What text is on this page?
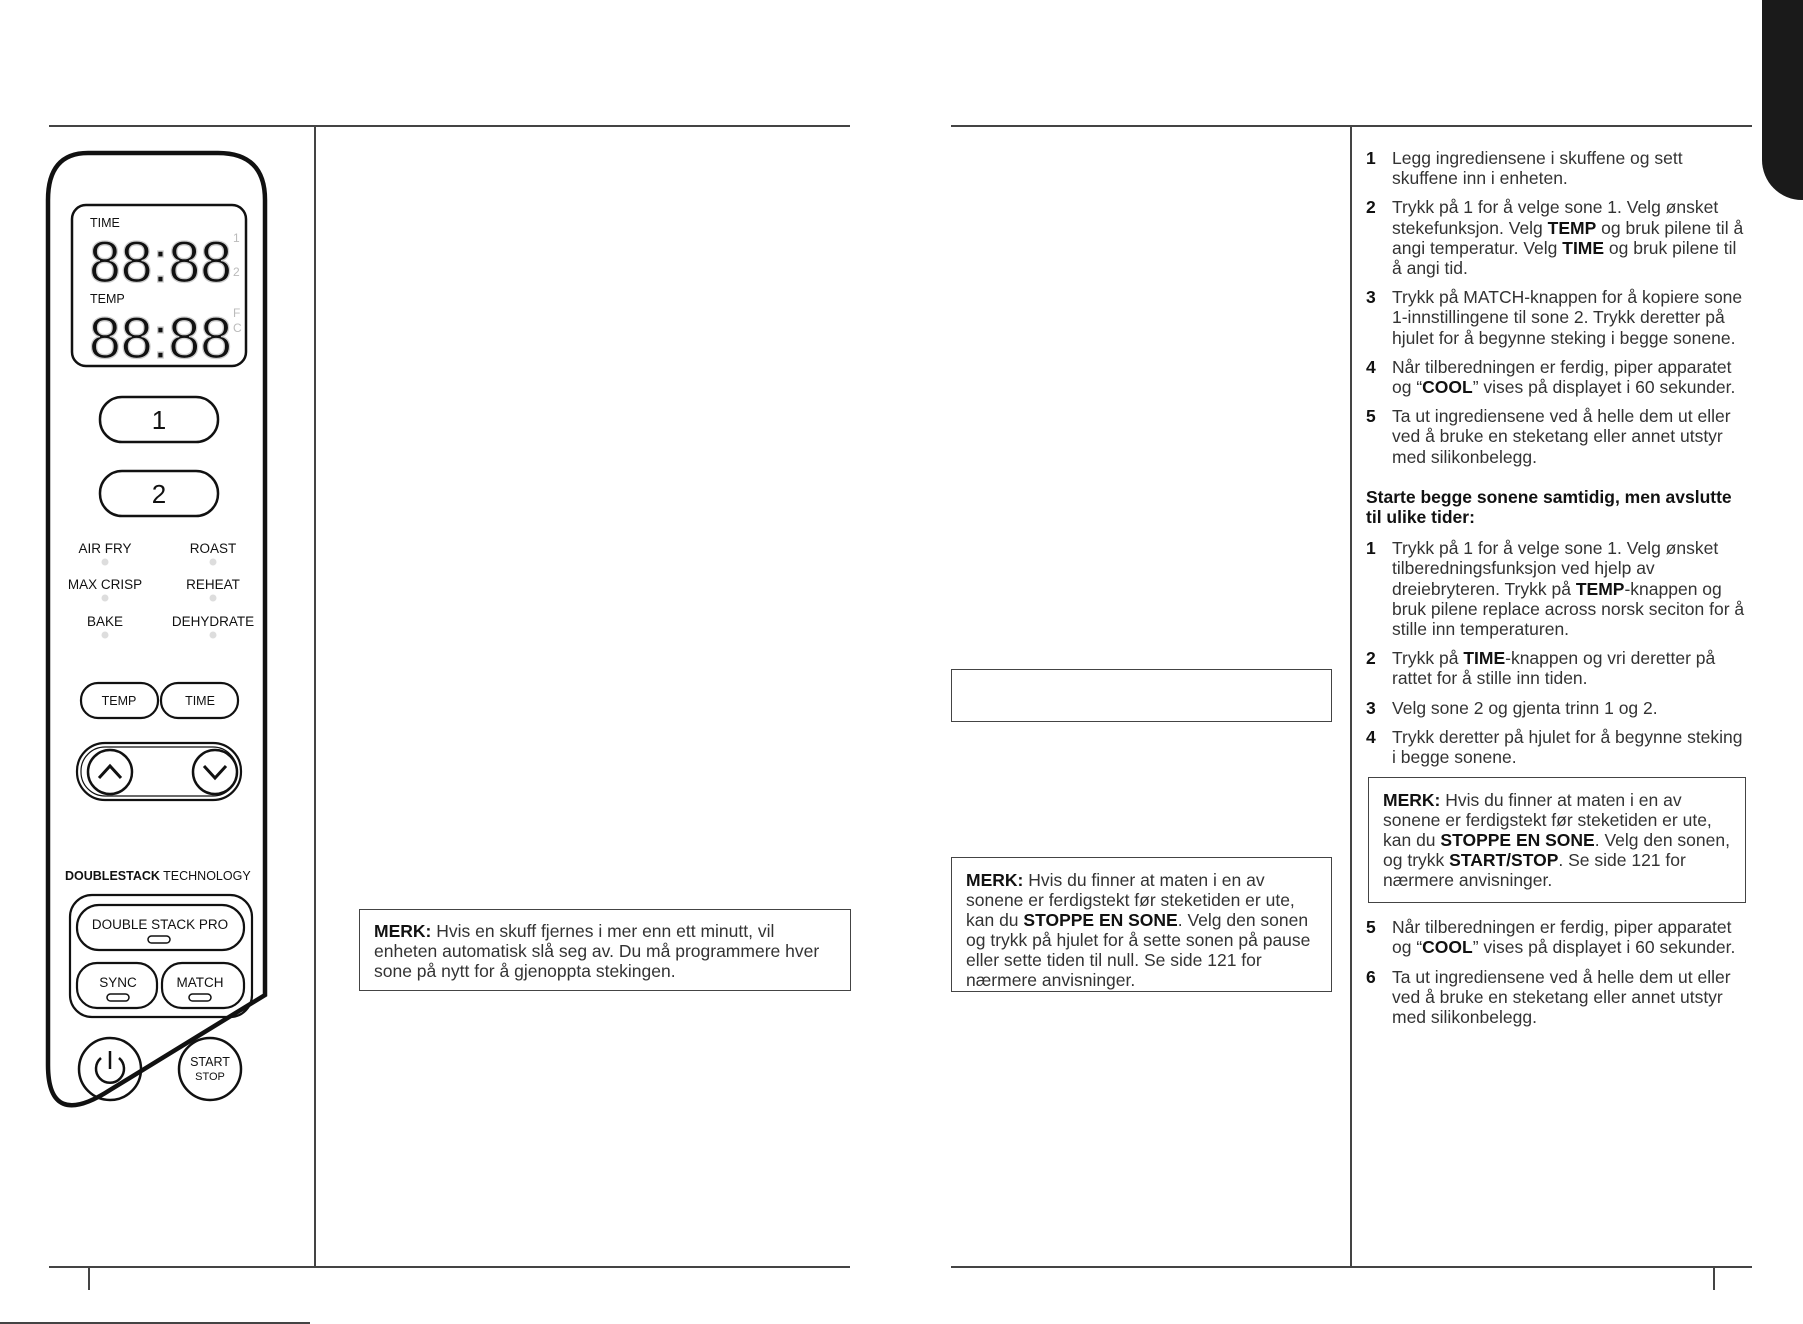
TIME
88:88 1
2
TEMP
88:88 F
C
1
2
AIR FRY	ROAST
MAX CRISP	REHEAT
BAKE	DEHYDRATE
TEMP	TIME
DOUBLESTACK TECHNOLOGY
DOUBLE STACK PRO
SYNC	MATCH
START
STOP
MERK: Hvis en skuff fjernes i mer enn ett minutt, vil enheten automatisk slå seg av. Du må programmere hver sone på nytt for å gjenoppta stekingen.
MERK: Hvis du finner at maten i en av sonene er ferdigstekt før steketiden er ute, kan du STOPPE EN SONE. Velg den sonen og trykk på hjulet for å sette sonen på pause eller sette tiden til null. Se side 121 for nærmere anvisninger.
1 Legg ingrediensene i skuffene og sett skuffene inn i enheten.
2 Trykk på 1 for å velge sone 1. Velg ønsket stekefunksjon. Velg TEMP og bruk pilene til å angi temperatur. Velg TIME og bruk pilene til å angi tid.
3 Trykk på MATCH-knappen for å kopiere sone 1-innstillingene til sone 2. Trykk deretter på hjulet for å begynne steking i begge sonene.
4 Når tilberedningen er ferdig, piper apparatet og “COOL” vises på displayet i 60 sekunder.
5 Ta ut ingrediensene ved å helle dem ut eller ved å bruke en steketang eller annet utstyr med silikonbelegg.
Starte begge sonene samtidig, men avslutte til ulike tider:
1 Trykk på 1 for å velge sone 1. Velg ønsket tilberedningsfunksjon ved hjelp av dreiebryteren. Trykk på TEMP-knappen og bruk pilene replace across norsk seciton for å stille inn temperaturen.
2 Trykk på TIME-knappen og vri deretter på rattet for å stille inn tiden.
3 Velg sone 2 og gjenta trinn 1 og 2.
4 Trykk deretter på hjulet for å begynne steking i begge sonene.
MERK: Hvis du finner at maten i en av sonene er ferdigstekt før steketiden er ute, kan du STOPPE EN SONE. Velg den sonen, og trykk START/STOP. Se side 121 for nærmere anvisninger.
5 Når tilberedningen er ferdig, piper apparatet og “COOL” vises på displayet i 60 sekunder.
6 Ta ut ingrediensene ved å helle dem ut eller ved å bruke en steketang eller annet utstyr med silikonbelegg.
